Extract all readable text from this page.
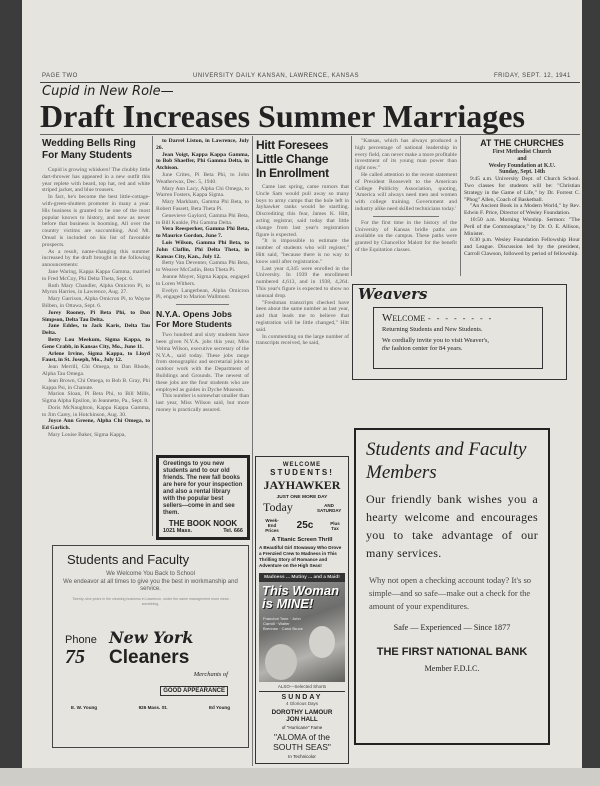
PAGE TWO	UNIVERSITY DAILY KANSAN, LAWRENCE, KANSAS	FRIDAY, SEPT. 12, 1941
Cupid in New Role—
Draft Increases Summer Marriages
Wedding Bells Ring
For Many Students

Cupid is growing whiskers! The chubby little dart-thrower has appeared in a new outfit this year replete with beard, top hat, red and white striped jacket, and blue trousers.

In fact, he's become the best little-cottage-with-green-shutters promoter in many a year. His business is granted to be one of the most popular known to history, and now as never before that business is booming. All over the country victims are succumbing. And Mt. Oread is included on his list of favorable prospects.

As a result, name-changing this summer increased by the draft brought in the following announcements:

Jane Waring, Kappa Kappa Gamma, married to Fred McCoy, Phi Delta Theta, Sept. 6.

Ruth Mary Chandler, Alpha Omicron Pi, to Myron Harries, in Lawrence, Aug. 27.

Mary Garrison, Alpha Omicron Pi, to Wayne Bilben, in Ottawa, Sept. 6.

Jorey Rooney, Pi Beta Phi, to Don Simpson, Delta Tau Delta.

Jane Eddes, to Jack Karis, Delta Tau Delta.

Betty Lou Meekum, Sigma Kappa, to Gene Crabb, in Kansas City, Mo., June 11.

Arlene Irvine, Sigma Kappa, to Lloyd Faust, in St. Joseph, Mo., July 12.

Jean Merrill, Chi Omega, to Dan Rhode, Alpha Tau Omega.

Jean Brown, Chi Omega, to Bob B. Gray, Phi Kappa Psi, in Chanute.

Marion Sloan, Pi Beta Phi, to Bill Mills, Sigma Alpha Epsilon, in Jeannette, Pa., Sept. 8.

Doris McNaughton, Kappa Kappa Gamma, to Jim Carey, in Hutchinson, Aug. 30.

Joyce Ann Greene, Alpha Chi Omega, to Ed Garlich.

Mary Louise Baker, Sigma Kappa,

to Darrel Liston, in Lawrence, July 26.

Jean Voigt, Kappa Kappa Gamma, to Bob Shaeffer, Phi Gamma Delta, in Atchison.

June Crites, Pi Beta Phi, to John Weatherwax, Dec. 5, 1940.

Mary Ann Lacy, Alpha Chi Omega, to Warren Fosters, Kappa Sigma.

Mary Markham, Gamma Phi Beta, to Robert Fassett, Beta Theta Pi.

Genevieve Gaylord, Gamma Phi Beta, to Bill Kunkle, Phi Gamma Delta.

Vera Reesperker, Gamma Phi Beta, to Maurice Gordon, June 7.

Lois Wilson, Gamma Phi Beta, to John Claflin, Phi Delta Theta, in Kansas City, Kan., July 12.

Betty Van Deventer, Gamma Phi Beta, to Weaver McCadin, Beta Theta Pi.

Jeanne Moyer, Sigma Kappa, engaged to Loren Withers.

Evelyn Langerbean, Alpha Omicron Pi, engaged to Marion Wallmont.

N.Y.A. Opens Jobs
For More Students

Two hundred and sixty students have been given N.Y.A. jobs this year, Miss Velma Wilson, executive secretary of the N.Y.A., said today. These jobs range from stenographic and secretarial jobs to outdoor work with the Department of Buildings and Grounds. The newest of these jobs are the four students who are employed as guides in Dyche Museum.

This number is somewhat smaller than last year, Miss Wilson said, but more money is practically assured.

Greetings to you new students and to our old friends. The new fall books are here for your inspection and also a rental library with the popular best sellers—come in and see them.
THE BOOK NOOK
1021 Mass.	Tel. 666
Hitt Foresees
Little Change
In Enrollment

Came last spring, came rumors that Uncle Sam would pull away so many boys to army camps that the hole left in Jayhawker ranks would be startling. Discrediting this fear, James K. Hitt, acting registrar, said today that little change from last year's registration figure is expected.

"It is impossible to estimate the number of students who will register," Hitt said, "because there is no way to know until after registration."

Last year 4,345 were enrolled in the University. In 1939 the enrollment numbered 4,613, and in 1938, 4,264. This year's figure is expected to show no unusual drop.

"Freshman transcripts checked have been about the same number as last year, and that leads me to believe that registration will be little changed," Hitt said.

In commenting on the large number of transcripts received, he said,

WELCOME
STUDENTS!
JAYHAWKER
JUST ONE MORE DAY
Today	AND SATURDAY
Week-End Prices	25c	Plus Tax
A Titanic Screen Thrill
A Beautiful Girl Stowaway Who Drove a Frenzied Crew to Madness in This Thrilling Story of Romance and Adventure on the High Seas!
Madness ... Mutiny ... and a Maid!
This Woman is MINE!
Franchot Tone · John Carroll · Walter Brennan · Carol Bruce
ALSO—Selected Shorts
SUNDAY
4 Glorious Days
DOROTHY LAMOUR
JON HALL
of "Hurricane" Fame
"ALOMA of the SOUTH SEAS"
In Technicolor

"Kansas, which has always produced a high percentage of national leadership in every field, can never make a more profitable investment of its young man power than right now."

He called attention to the recent statement of President Roosevelt to the American College Publicity Association, quoting, 'America will always need men and women with college training. Government and industry alike need skilled technicians today.'

For the first time in the history of the University of Kansas bridle paths are available on the campus. These paths were granted by Chancellor Malott for the benefit of the Equitation classes.

AT THE CHURCHES
First Methodist Church
and
Wesley Foundation at K.U.
Sunday, Sept. 14th

9:45 a.m. University Dept. of Church School. Two classes for students will be: "Christian Strategy in the Game of Life," by Dr. Forrest C. "Phog" Allen, Coach of Basketball.

"An Ancient Book in a Modern World," by Rev. Edwin F. Price, Director of Wesley Foundation.

10:50 a.m. Morning Worship. Sermon: "The Peril of the Commonplace," by Dr. O. E. Allison, Minister.

6:30 p.m. Wesley Foundation Fellowship Hour and League. Discussion led by the president, Carroll Clawson, followed by period of fellowship.

Weavers
Welcome - - - - - - - -
Returning Students and New Students.
We cordially invite you to visit Weaver's,
the fashion center for 84 years.
Students and Faculty Members
Our friendly bank wishes you a hearty welcome and encourages you to take advantage of our many services.
Why not open a checking account today? It's so simple—and so safe—make out a check for the amount of your expenditures.
Safe — Experienced — Since 1877
THE FIRST NATIONAL BANK
Member F.D.I.C.
Students and Faculty
We Welcome You Back to School
We endeavor at all times to give you the best in workmanship and service.
Twenty-nine years in the cleaning business in Lawrence, under the same management must mean something.
Phone
75
New York
Cleaners
Merchants of
GOOD APPEARANCE
E. W. Young	926 Mass. St.	Ed Young
